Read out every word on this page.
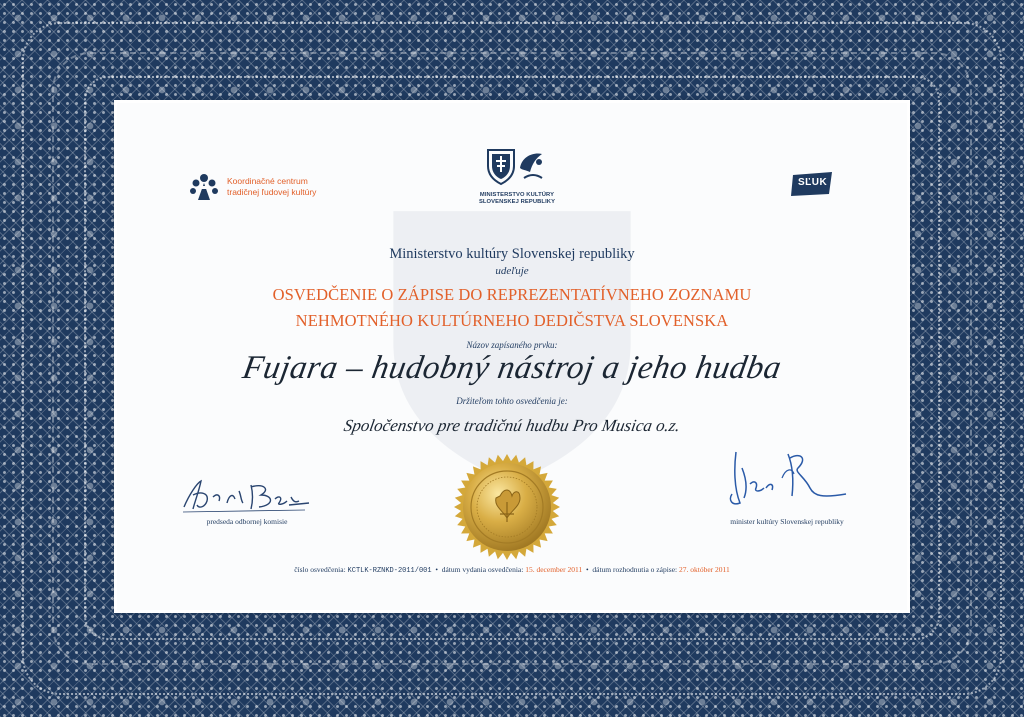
Koordinačné centrum
tradičnej ľudovej kultúry	MINISTERSTVO KULTÚRY
SLOVENSKEJ REPUBLIKY
SĽUK
Ministerstvo kultúry Slovenskej republiky
udeľuje
OSVEDČENIE O ZÁPISE DO REPREZENTATÍVNEHO ZOZNAMU
NEHMOTNÉHO KULTÚRNEHO DEDIČSTVA SLOVENSKA
Názov zapísaného prvku:
Fujara – hudobný nástroj a jeho hudba
Držiteľom tohto osvedčenia je:
Spoločenstvo pre tradičnú hudbu Pro Musica o.z.
predseda odbornej komisie	minister kultúry Slovenskej republiky
číslo osvedčenia: KCTLK-RZNKD-2011/001  •  dátum vydania osvedčenia: 15. december 2011  •  dátum rozhodnutia o zápise: 27. október 2011
